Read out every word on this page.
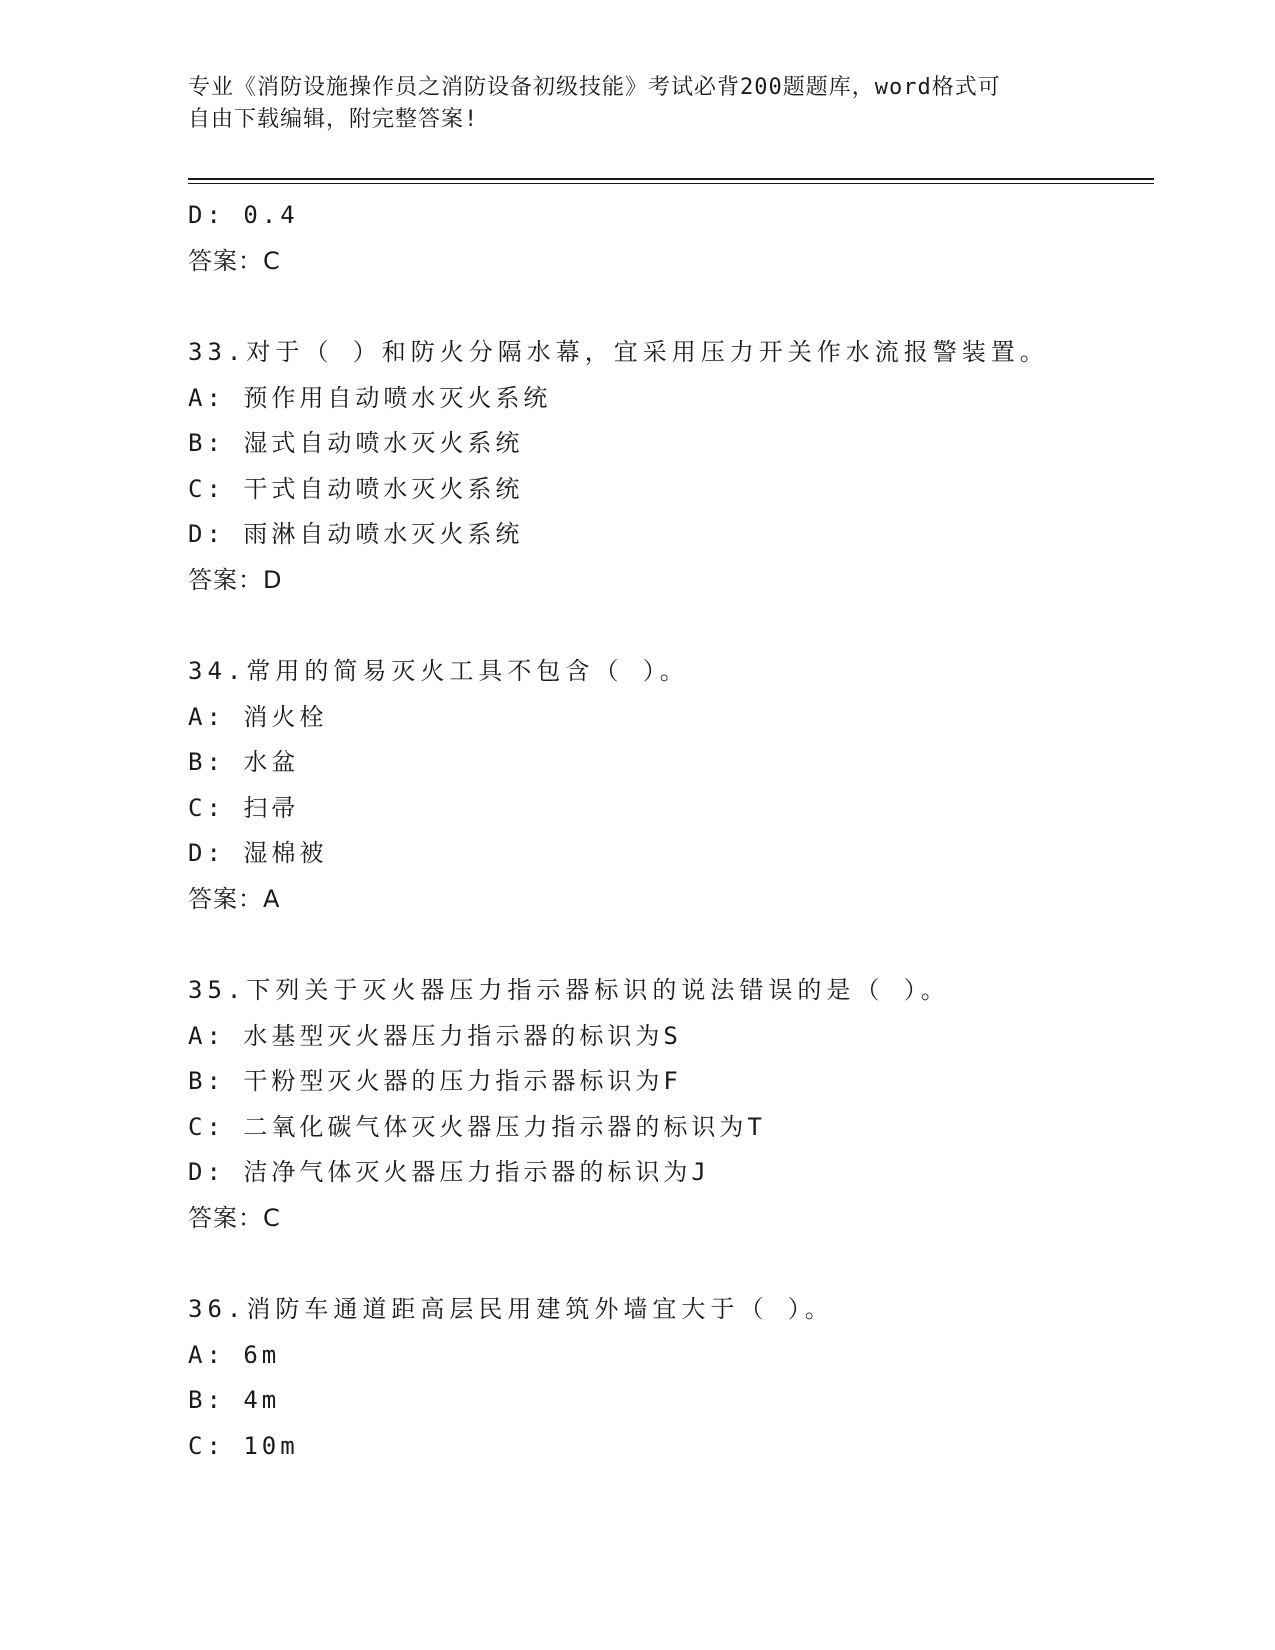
专业《消防设施操作员之消防设备初级技能》考试必背200题题库，word格式可
自由下载编辑，附完整答案!
D: 0.4
答案：C
33.对于（ ）和防火分隔水幕，宜采用压力开关作水流报警装置。
A: 预作用自动喷水灭火系统
B: 湿式自动喷水灭火系统
C: 干式自动喷水灭火系统
D: 雨淋自动喷水灭火系统
答案：D
34.常用的简易灭火工具不包含（ ）。
A: 消火栓
B: 水盆
C: 扫帚
D: 湿棉被
答案：A
35.下列关于灭火器压力指示器标识的说法错误的是（ ）。
A: 水基型灭火器压力指示器的标识为S
B: 干粉型灭火器的压力指示器标识为F
C: 二氧化碳气体灭火器压力指示器的标识为T
D: 洁净气体灭火器压力指示器的标识为J
答案：C
36.消防车通道距高层民用建筑外墙宜大于（ ）。
A: 6m
B: 4m
C: 10m
